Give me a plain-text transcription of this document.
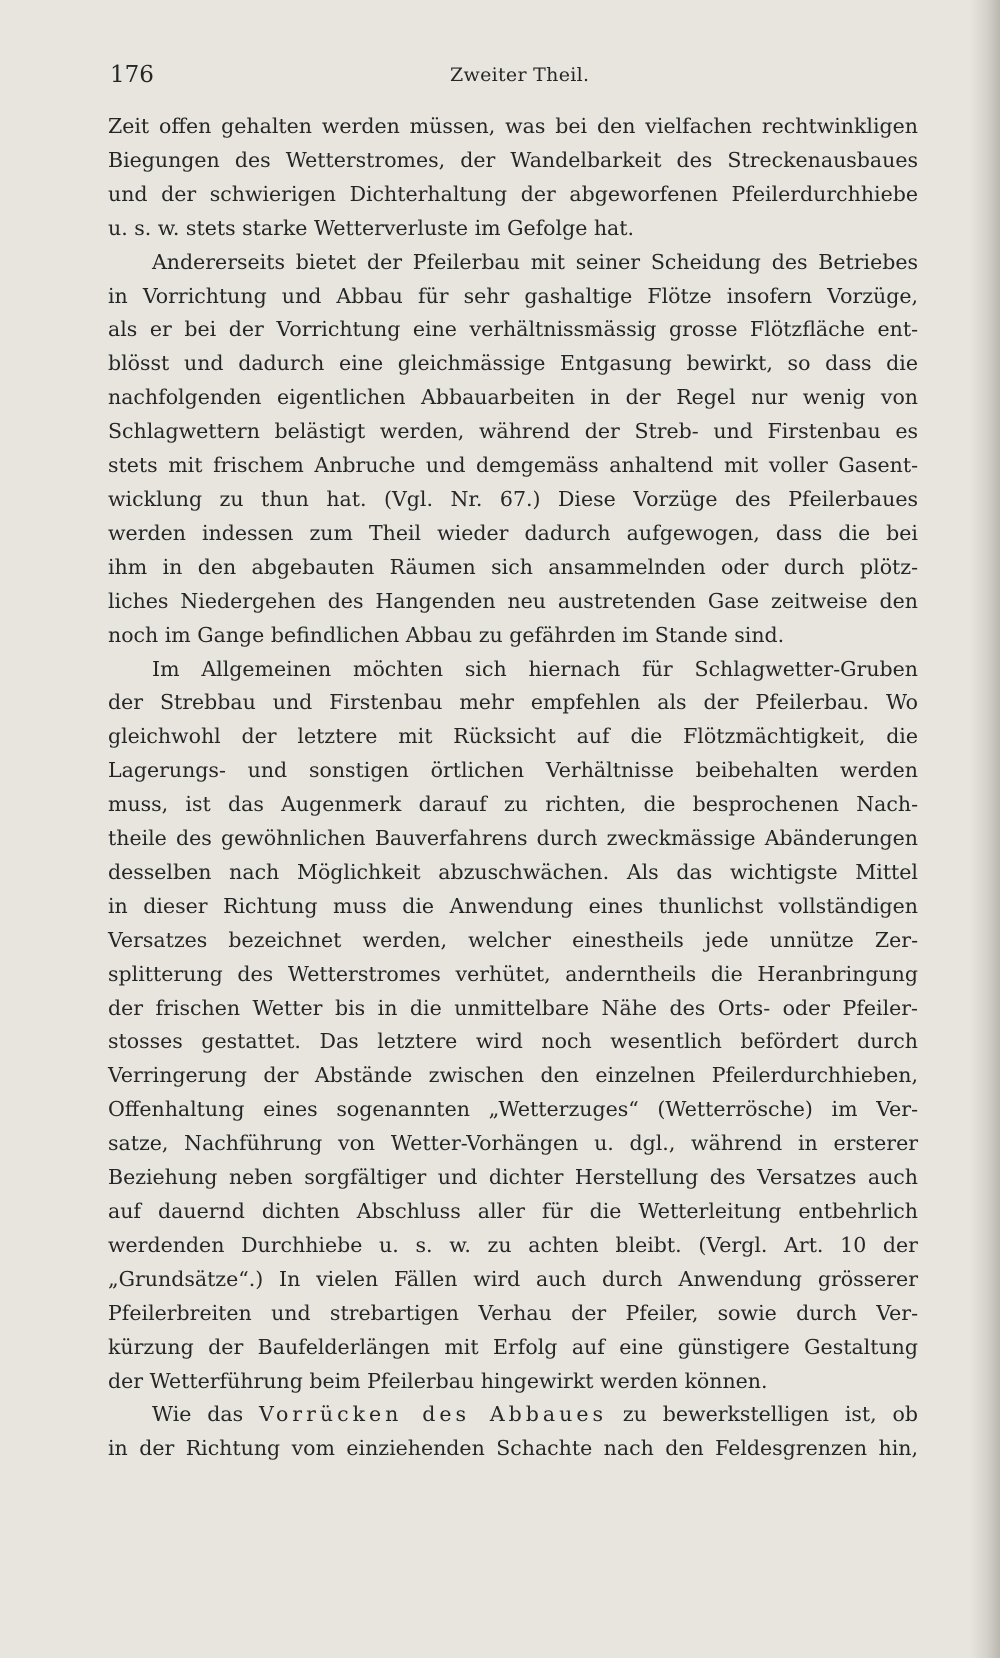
176	Zweiter Theil.
Zeit offen gehalten werden müssen, was bei den vielfachen rechtwinkligen
Biegungen des Wetterstromes, der Wandelbarkeit des Streckenausbaues
und der schwierigen Dichterhaltung der abgeworfenen Pfeilerdurchhiebe
u. s. w. stets starke Wetterverluste im Gefolge hat.
Andererseits bietet der Pfeilerbau mit seiner Scheidung des Betriebes
in Vorrichtung und Abbau für sehr gashaltige Flötze insofern Vorzüge,
als er bei der Vorrichtung eine verhältnissmässig grosse Flötzfläche ent-
blösst und dadurch eine gleichmässige Entgasung bewirkt, so dass die
nachfolgenden eigentlichen Abbauarbeiten in der Regel nur wenig von
Schlagwettern belästigt werden, während der Streb- und Firstenbau es
stets mit frischem Anbruche und demgemäss anhaltend mit voller Gasent-
wicklung zu thun hat. (Vgl. Nr. 67.) Diese Vorzüge des Pfeilerbaues
werden indessen zum Theil wieder dadurch aufgewogen, dass die bei
ihm in den abgebauten Räumen sich ansammelnden oder durch plötz-
liches Niedergehen des Hangenden neu austretenden Gase zeitweise den
noch im Gange befindlichen Abbau zu gefährden im Stande sind.
Im Allgemeinen möchten sich hiernach für Schlagwetter-Gruben
der Strebbau und Firstenbau mehr empfehlen als der Pfeilerbau. Wo
gleichwohl der letztere mit Rücksicht auf die Flötzmächtigkeit, die
Lagerungs- und sonstigen örtlichen Verhältnisse beibehalten werden
muss, ist das Augenmerk darauf zu richten, die besprochenen Nach-
theile des gewöhnlichen Bauverfahrens durch zweckmässige Abänderungen
desselben nach Möglichkeit abzuschwächen. Als das wichtigste Mittel
in dieser Richtung muss die Anwendung eines thunlichst vollständigen
Versatzes bezeichnet werden, welcher einestheils jede unnütze Zer-
splitterung des Wetterstromes verhütet, anderntheils die Heranbringung
der frischen Wetter bis in die unmittelbare Nähe des Orts- oder Pfeiler-
stosses gestattet. Das letztere wird noch wesentlich befördert durch
Verringerung der Abstände zwischen den einzelnen Pfeilerdurchhieben,
Offenhaltung eines sogenannten „Wetterzuges“ (Wetterrösche) im Ver-
satze, Nachführung von Wetter-Vorhängen u. dgl., während in ersterer
Beziehung neben sorgfältiger und dichter Herstellung des Versatzes auch
auf dauernd dichten Abschluss aller für die Wetterleitung entbehrlich
werdenden Durchhiebe u. s. w. zu achten bleibt. (Vergl. Art. 10 der
„Grundsätze“.) In vielen Fällen wird auch durch Anwendung grösserer
Pfeilerbreiten und strebartigen Verhau der Pfeiler, sowie durch Ver-
kürzung der Baufelderlängen mit Erfolg auf eine günstigere Gestaltung
der Wetterführung beim Pfeilerbau hingewirkt werden können.
Wie das Vorrücken des Abbaues zu bewerkstelligen ist, ob
in der Richtung vom einziehenden Schachte nach den Feldesgrenzen hin,
